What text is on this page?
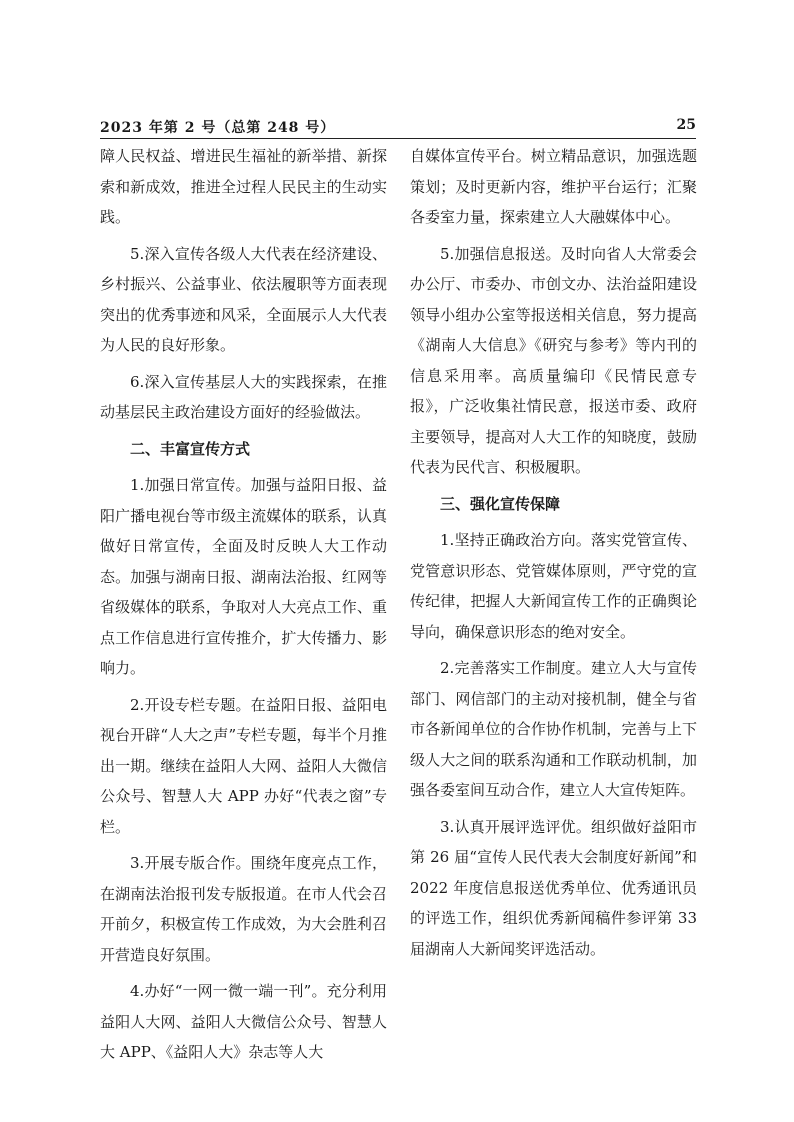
2023 年第 2 号（总第 248 号）	25

障人民权益、增进民生福祉的新举措、新探索和新成效，推进全过程人民民主的生动实践。

5.深入宣传各级人大代表在经济建设、乡村振兴、公益事业、依法履职等方面表现突出的优秀事迹和风采，全面展示人大代表为人民的良好形象。

6.深入宣传基层人大的实践探索，在推动基层民主政治建设方面好的经验做法。

二、丰富宣传方式

1.加强日常宣传。加强与益阳日报、益阳广播电视台等市级主流媒体的联系，认真做好日常宣传，全面及时反映人大工作动态。加强与湖南日报、湖南法治报、红网等省级媒体的联系，争取对人大亮点工作、重点工作信息进行宣传推介，扩大传播力、影响力。

2.开设专栏专题。在益阳日报、益阳电视台开辟“人大之声”专栏专题，每半个月推出一期。继续在益阳人大网、益阳人大微信公众号、智慧人大 APP 办好“代表之窗”专栏。

3.开展专版合作。围绕年度亮点工作，在湖南法治报刊发专版报道。在市人代会召开前夕，积极宣传工作成效，为大会胜利召开营造良好氛围。

4.办好“一网一微一端一刊”。充分利用益阳人大网、益阳人大微信公众号、智慧人大 APP、《益阳人大》杂志等人大

自媒体宣传平台。树立精品意识，加强选题策划；及时更新内容，维护平台运行；汇聚各委室力量，探索建立人大融媒体中心。

5.加强信息报送。及时向省人大常委会办公厅、市委办、市创文办、法治益阳建设领导小组办公室等报送相关信息，努力提高《湖南人大信息》《研究与参考》等内刊的信息采用率。高质量编印《民情民意专报》，广泛收集社情民意，报送市委、政府主要领导，提高对人大工作的知晓度，鼓励代表为民代言、积极履职。

三、强化宣传保障

1.坚持正确政治方向。落实党管宣传、党管意识形态、党管媒体原则，严守党的宣传纪律，把握人大新闻宣传工作的正确舆论导向，确保意识形态的绝对安全。

2.完善落实工作制度。建立人大与宣传部门、网信部门的主动对接机制，健全与省市各新闻单位的合作协作机制，完善与上下级人大之间的联系沟通和工作联动机制，加强各委室间互动合作，建立人大宣传矩阵。

3.认真开展评选评优。组织做好益阳市第 26 届“宣传人民代表大会制度好新闻”和 2022 年度信息报送优秀单位、优秀通讯员的评选工作，组织优秀新闻稿件参评第 33 届湖南人大新闻奖评选活动。
